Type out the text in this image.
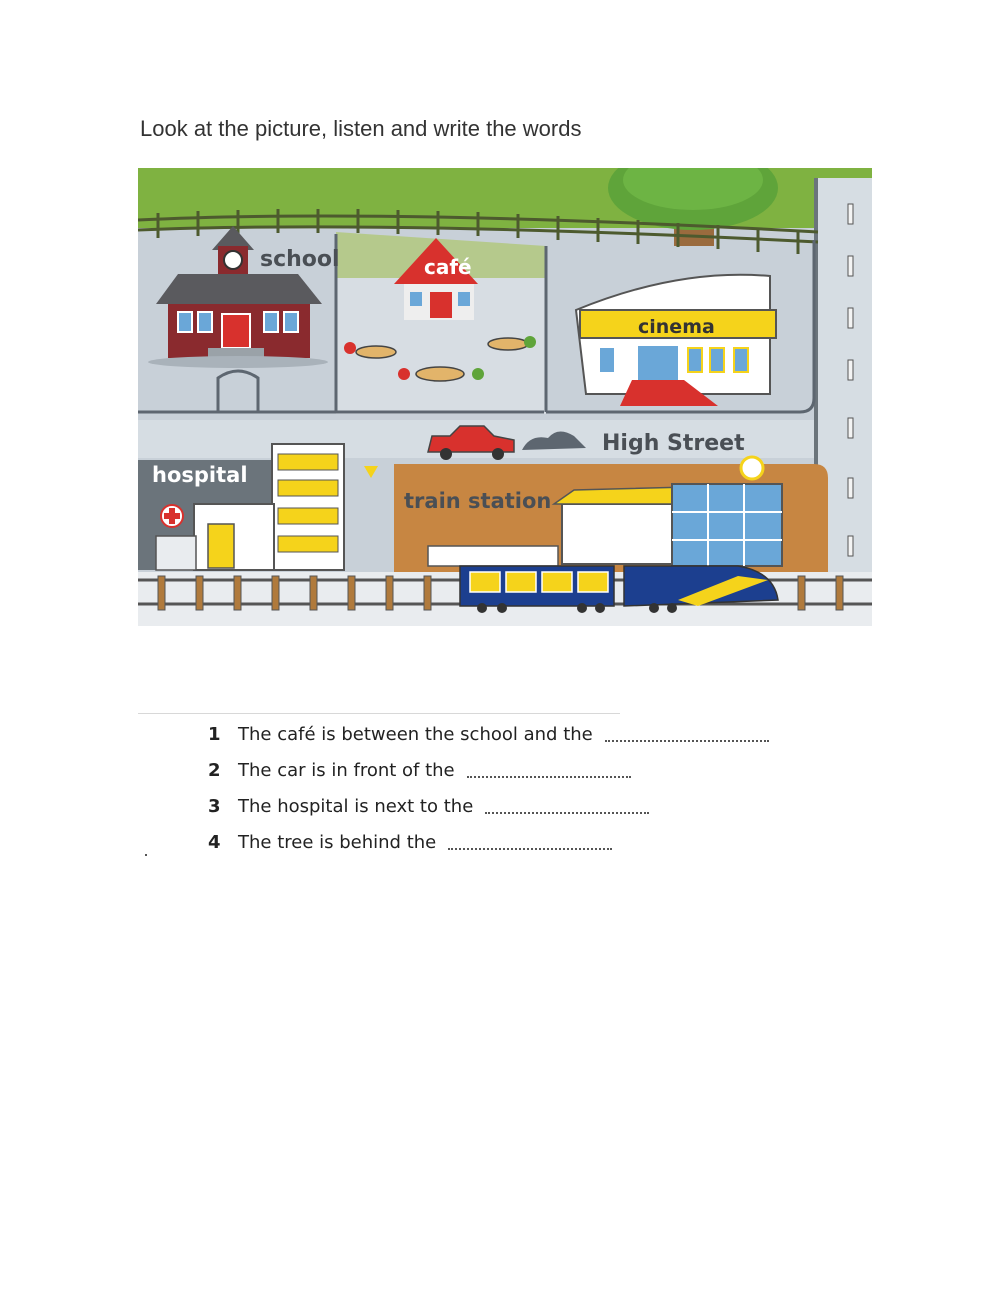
Look at the picture, listen and write the words
school	café
cinema
High Street
hospital
train station
1 The café is between the school and the
2 The car is in front of the
3 The hospital is next to the
4 The tree is behind the
